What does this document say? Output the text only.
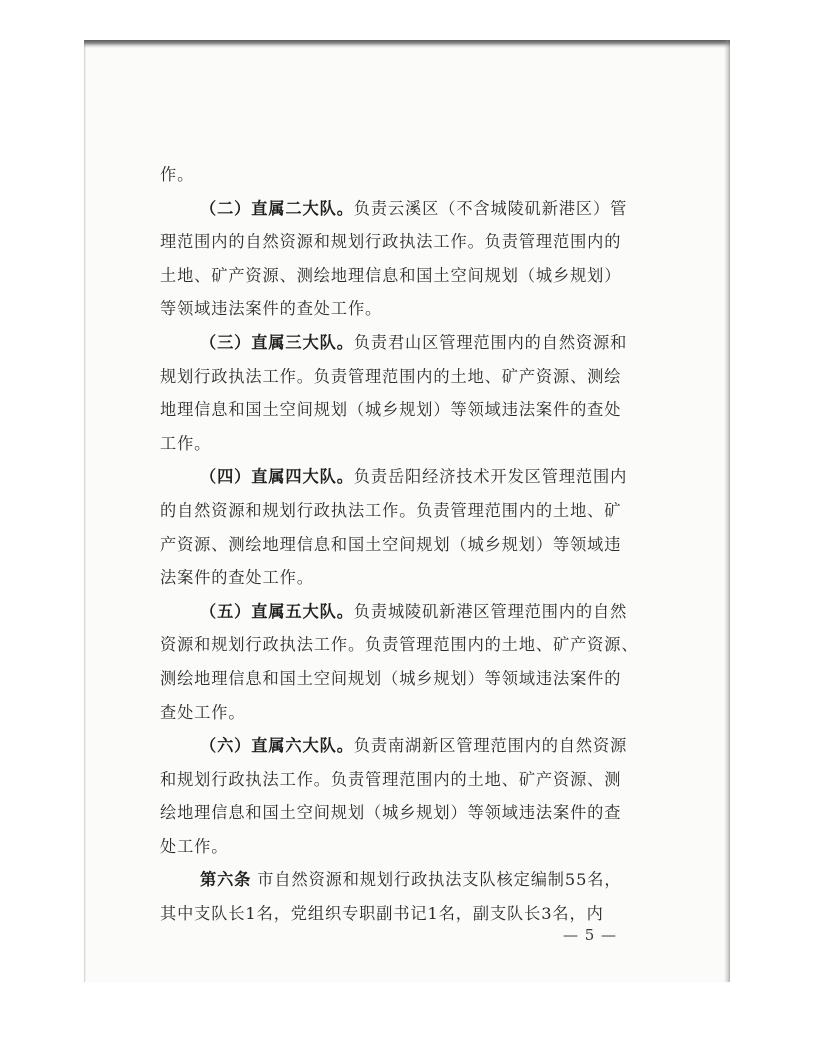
作。
（二）直属二大队。负责云溪区（不含城陵矶新港区）管
理范围内的自然资源和规划行政执法工作。负责管理范围内的
土地、矿产资源、测绘地理信息和国土空间规划（城乡规划）
等领域违法案件的查处工作。
（三）直属三大队。负责君山区管理范围内的自然资源和
规划行政执法工作。负责管理范围内的土地、矿产资源、测绘
地理信息和国土空间规划（城乡规划）等领域违法案件的查处
工作。
（四）直属四大队。负责岳阳经济技术开发区管理范围内
的自然资源和规划行政执法工作。负责管理范围内的土地、矿
产资源、测绘地理信息和国土空间规划（城乡规划）等领域违
法案件的查处工作。
（五）直属五大队。负责城陵矶新港区管理范围内的自然
资源和规划行政执法工作。负责管理范围内的土地、矿产资源、
测绘地理信息和国土空间规划（城乡规划）等领域违法案件的
查处工作。
（六）直属六大队。负责南湖新区管理范围内的自然资源
和规划行政执法工作。负责管理范围内的土地、矿产资源、测
绘地理信息和国土空间规划（城乡规划）等领域违法案件的查
处工作。
第六条 市自然资源和规划行政执法支队核定编制55名，
其中支队长1名，党组织专职副书记1名，副支队长3名，内
— 5 —
